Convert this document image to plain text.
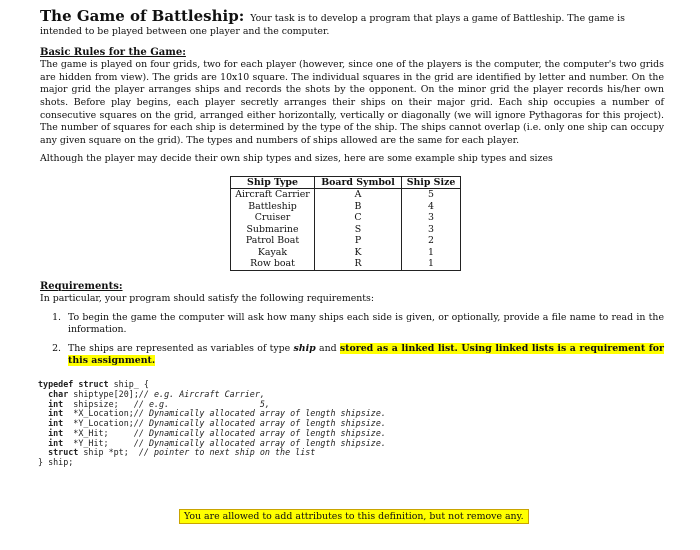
The Game of Battleship: Your task is to develop a program that plays a game of Battleship. The game is intended to be played between one player and the computer.

Basic Rules for the Game:

The game is played on four grids, two for each player (however, since one of the players is the computer, the computer's two grids are hidden from view). The grids are 10x10 square. The individual squares in the grid are identified by letter and number. On the major grid the player arranges ships and records the shots by the opponent. On the minor grid the player records his/her own shots. Before play begins, each player secretly arranges their ships on their major grid. Each ship occupies a number of consecutive squares on the grid, arranged either horizontally, vertically or diagonally (we will ignore Pythagoras for this project). The number of squares for each ship is determined by the type of the ship. The ships cannot overlap (i.e. only one ship can occupy any given square on the grid). The types and numbers of ships allowed are the same for each player.

Although the player may decide their own ship types and sizes, here are some example ship types and sizes

Ship Type	Board Symbol	Ship Size
Aircraft Carrier	A	5
Battleship	B	4
Cruiser	C	3
Submarine	S	3
Patrol Boat	P	2
Kayak	K	1
Row boat	R	1
Requirements:

In particular, your program should satisfy the following requirements:

1. To begin the game the computer will ask how many ships each side is given, or optionally, provide a file name to read in the information.
2. The ships are represented as variables of type ship and stored as a linked list. Using linked lists is a requirement for this assignment.
typedef struct ship_ {
char shiptype[20];// e.g. Aircraft Carrier,
int  shipsize;   // e.g.                  5,
int  *X_Location;// Dynamically allocated array of length shipsize.
int  *Y_Location;// Dynamically allocated array of length shipsize.
int  *X_Hit;     // Dynamically allocated array of length shipsize.
int  *Y_Hit;     // Dynamically allocated array of length shipsize.
struct ship *pt;  // pointer to next ship on the list
} ship;
You are allowed to add attributes to this definition, but not remove any.
